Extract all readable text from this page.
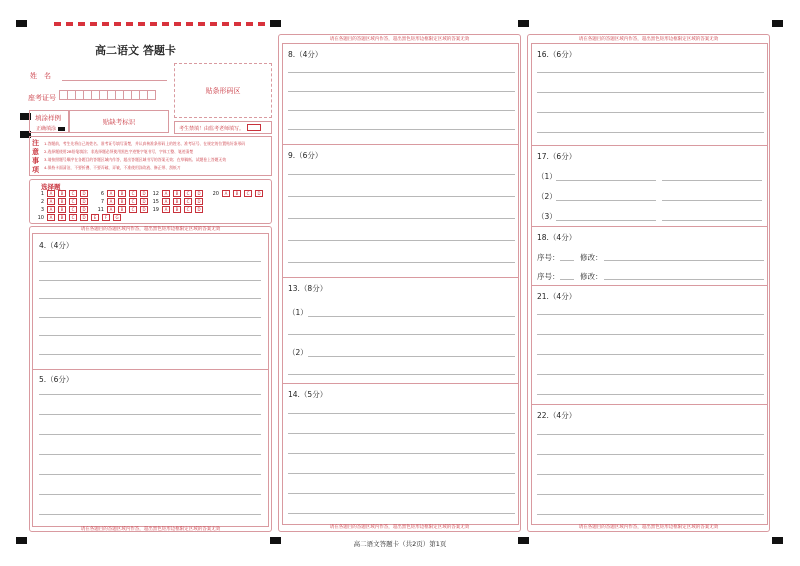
高二语文 答题卡
姓　名
座考证号
贴条形码区
填涂样例
正确填涂
贴缺考标识
考生禁填！由监考老师填写。
注
意
事
项
1.答题前，考生先将自己的姓名、准考证号填写清楚，并认真核准条形码上的姓名、准考证号、在规定的位置贴好条形码
2.选择题使用2B铅笔填涂；非选择题必须使用黑色字迹签字笔书写，字体工整、笔迹清楚
3.请按照题号顺序在各题目的答题区域内作答，超出答题区域书写的答案无效；在草稿纸、试题卷上答题无效
4.保持卡面清洁，不要折叠、不要弄破、弄皱，不准使用涂改液、修正带、刮纸刀
选择题
1 A B C D	6 A B C D	12 A B C D	20 A B C D
2 A B C D	7 A B C D	15 A B C D
3 A B C D	11 A B C D	19 A B C D
10 A B C D E F G
请在各题目的答题区域内作答，超出黑色矩形边框限定区域的答案无效
4.（4分）
5.（6分）
请在各题目的答题区域内作答，超出黑色矩形边框限定区域的答案无效
请在各题目的答题区域内作答，超出黑色矩形边框限定区域的答案无效
8.（4分）
9.（6分）
13.（8分）
（1）
（2）
14.（5分）
请在各题目的答题区域内作答，超出黑色矩形边框限定区域的答案无效
请在各题目的答题区域内作答，超出黑色矩形边框限定区域的答案无效
16.（6分）
17.（6分）
（1）
（2）
（3）
18.（4分）
序号：	修改：
序号：	修改：
21.（4分）
22.（4分）
请在各题目的答题区域内作答，超出黑色矩形边框限定区域的答案无效
高二语文答题卡（共2页）第1页
